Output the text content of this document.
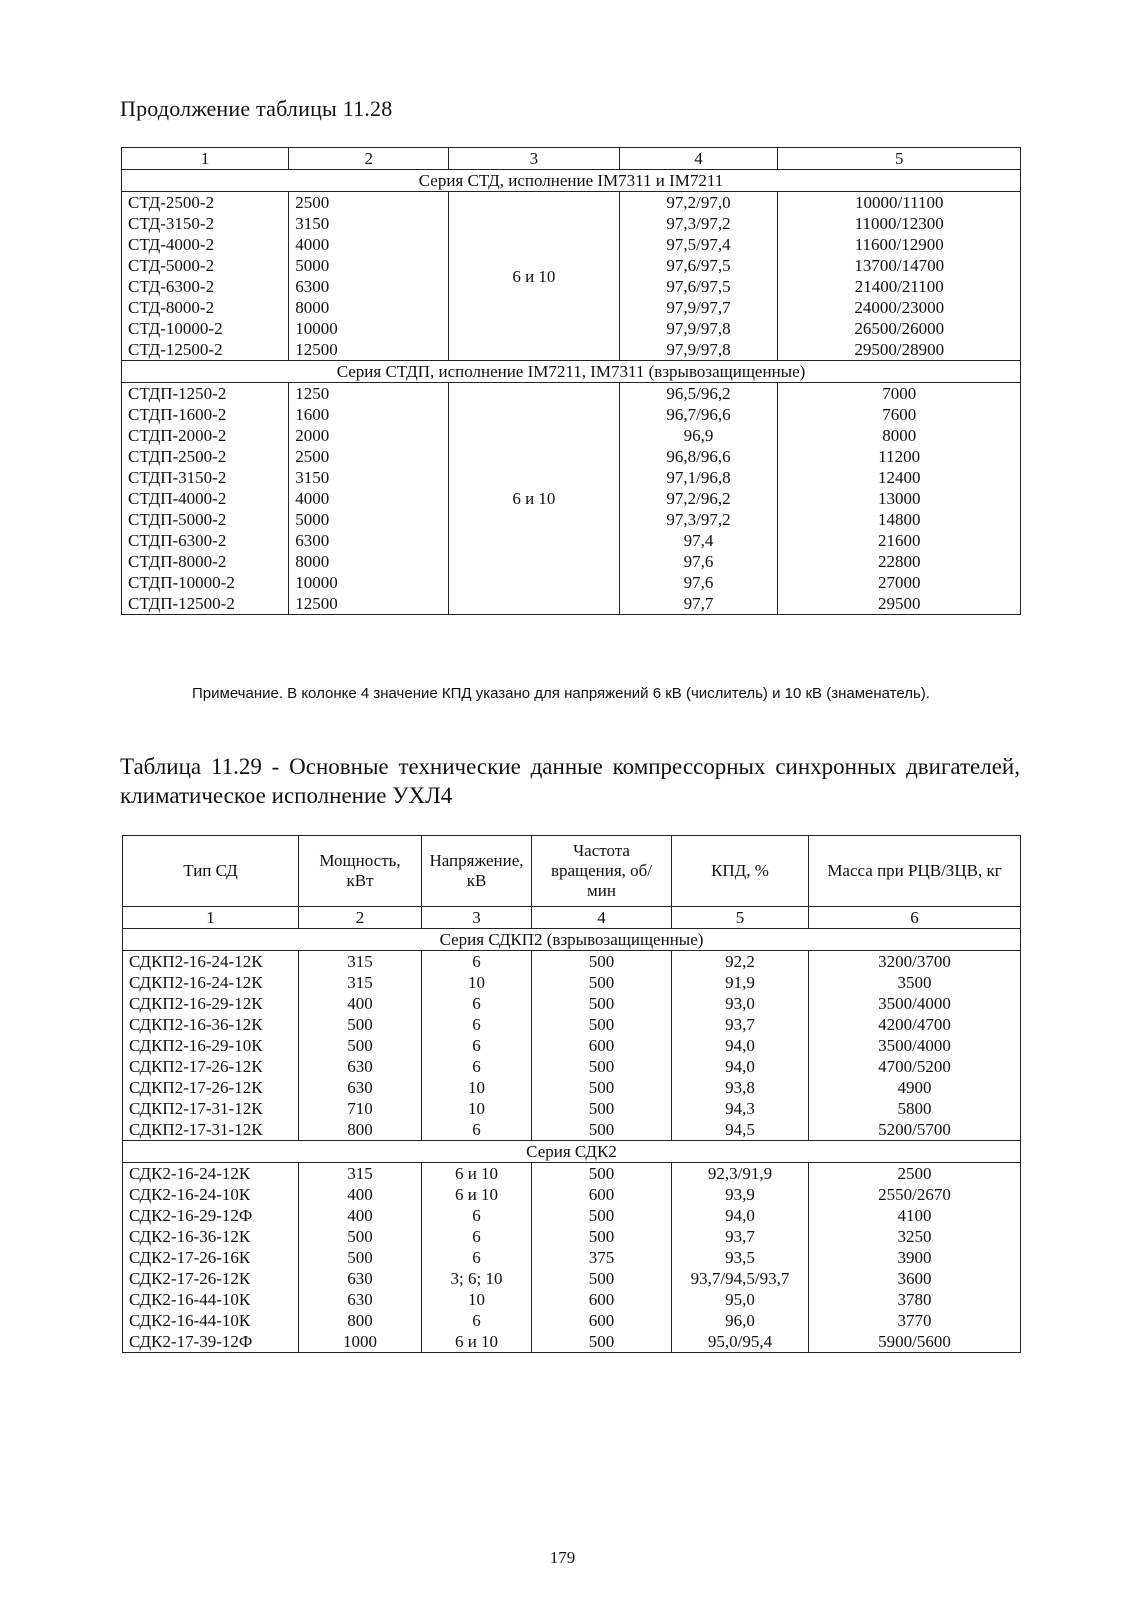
Продолжение таблицы 11.28
1	2	3	4	5
Серия СТД, исполнение IM7311 и IM7211				
СТД-2500-2	2500	6 и 10	97,2/97,0	10000/11100
СТД-3150-2	3150		97,3/97,2	11000/12300
СТД-4000-2	4000		97,5/97,4	11600/12900
СТД-5000-2	5000		97,6/97,5	13700/14700
СТД-6300-2	6300		97,6/97,5	21400/21100
СТД-8000-2	8000		97,9/97,7	24000/23000
СТД-10000-2	10000		97,9/97,8	26500/26000
СТД-12500-2	12500		97,9/97,8	29500/28900
Серия СТДП, исполнение IM7211, IM7311 (взрывозащищенные)				
СТДП-1250-2	1250	6 и 10	96,5/96,2	7000
СТДП-1600-2	1600		96,7/96,6	7600
СТДП-2000-2	2000		96,9	8000
СТДП-2500-2	2500		96,8/96,6	11200
СТДП-3150-2	3150		97,1/96,8	12400
СТДП-4000-2	4000		97,2/96,2	13000
СТДП-5000-2	5000		97,3/97,2	14800
СТДП-6300-2	6300		97,4	21600
СТДП-8000-2	8000		97,6	22800
СТДП-10000-2	10000		97,6	27000
СТДП-12500-2	12500		97,7	29500
Примечание. В колонке 4 значение КПД указано для напряжений 6 кВ (числитель) и 10 кВ (знаменатель).
Таблица 11.29 - Основные технические данные компрессорных синхронных двигателей, климатическое исполнение УХЛ4
Тип СД	Мощность, кВт	Напряжение, кВ	Частота вращения, об/мин	КПД, %	Масса при РЦВ/ЗЦВ, кг
1	2	3	4	5	6
Серия СДКП2 (взрывозащищенные)					
СДКП2-16-24-12К	315	6	500	92,2	3200/3700
СДКП2-16-24-12К	315	10	500	91,9	3500
СДКП2-16-29-12К	400	6	500	93,0	3500/4000
СДКП2-16-36-12К	500	6	500	93,7	4200/4700
СДКП2-16-29-10К	500	6	600	94,0	3500/4000
СДКП2-17-26-12К	630	6	500	94,0	4700/5200
СДКП2-17-26-12К	630	10	500	93,8	4900
СДКП2-17-31-12К	710	10	500	94,3	5800
СДКП2-17-31-12К	800	6	500	94,5	5200/5700
Серия СДК2					
СДК2-16-24-12К	315	6 и 10	500	92,3/91,9	2500
СДК2-16-24-10К	400	6 и 10	600	93,9	2550/2670
СДК2-16-29-12Ф	400	6	500	94,0	4100
СДК2-16-36-12К	500	6	500	93,7	3250
СДК2-17-26-16К	500	6	375	93,5	3900
СДК2-17-26-12К	630	3; 6; 10	500	93,7/94,5/93,7	3600
СДК2-16-44-10К	630	10	600	95,0	3780
СДК2-16-44-10К	800	6	600	96,0	3770
СДК2-17-39-12Ф	1000	6 и 10	500	95,0/95,4	5900/5600
179
